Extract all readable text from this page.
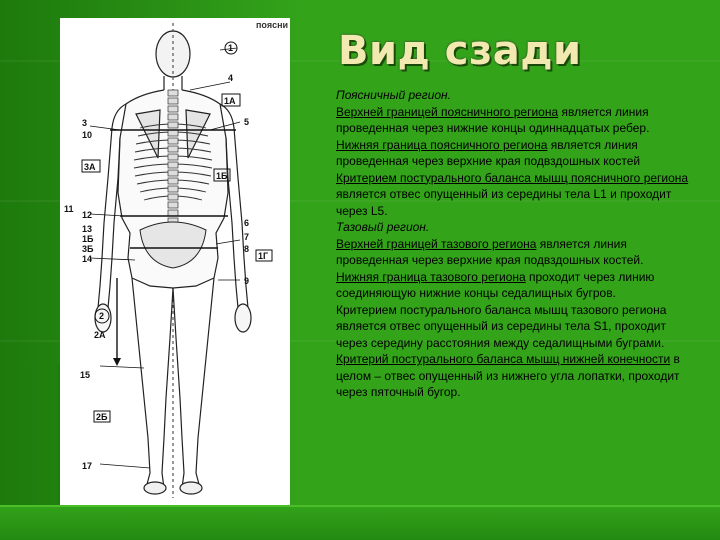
1
4
1А
5
3
10
3А
1Б
11
12
13
1Б
3Б
14
6
7
8
1Г
9
2
2А
15
2Б
17
поясни
Вид сзади

Поясничный регион.

Верхней границей поясничного региона является линия проведенная через нижние концы одиннадцатых ребер.

Нижняя граница поясничного региона является линия проведенная через верхние края подвздошных костей

Критерием постурального баланса мышц поясничного региона является отвес опущенный из середины тела L1 и проходит через L5.

Тазовый регион.

Верхней границей тазового региона является линия проведенная через верхние края подвздошных костей.

Нижняя граница тазового региона проходит через линию соединяющую нижние концы седалищных бугров.

Критерием постурального баланса мышц тазового региона является отвес опущенный из середины тела S1, проходит через середину расстояния между седалищными буграми.

Критерий постурального баланса мышц нижней конечности в целом – отвес опущенный из нижнего угла лопатки, проходит через пяточный бугор.
